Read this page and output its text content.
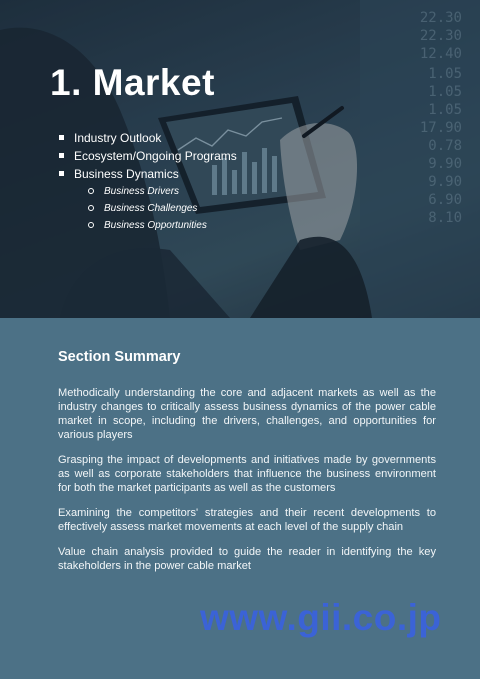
22.30
22.30
12.40
1.05
1.05
1.05
17.90
0.78
9.90
9.90
6.90
8.10
1. Market
Industry Outlook
Ecosystem/Ongoing Programs
Business Dynamics
Business Drivers
Business Challenges
Business Opportunities
Section Summary

Methodically understanding the core and adjacent markets as well as the industry changes to critically assess business dynamics of the power cable market in scope, including the drivers, challenges, and opportunities for various players

Grasping the impact of developments and initiatives made by governments as well as corporate stakeholders that influence the business environment for both the market participants as well as the customers

Examining the competitors' strategies and their recent developments to effectively assess market movements at each level of the supply chain

Value chain analysis provided to guide the reader in identifying the key stakeholders in the power cable market

www.gii.co.jp
